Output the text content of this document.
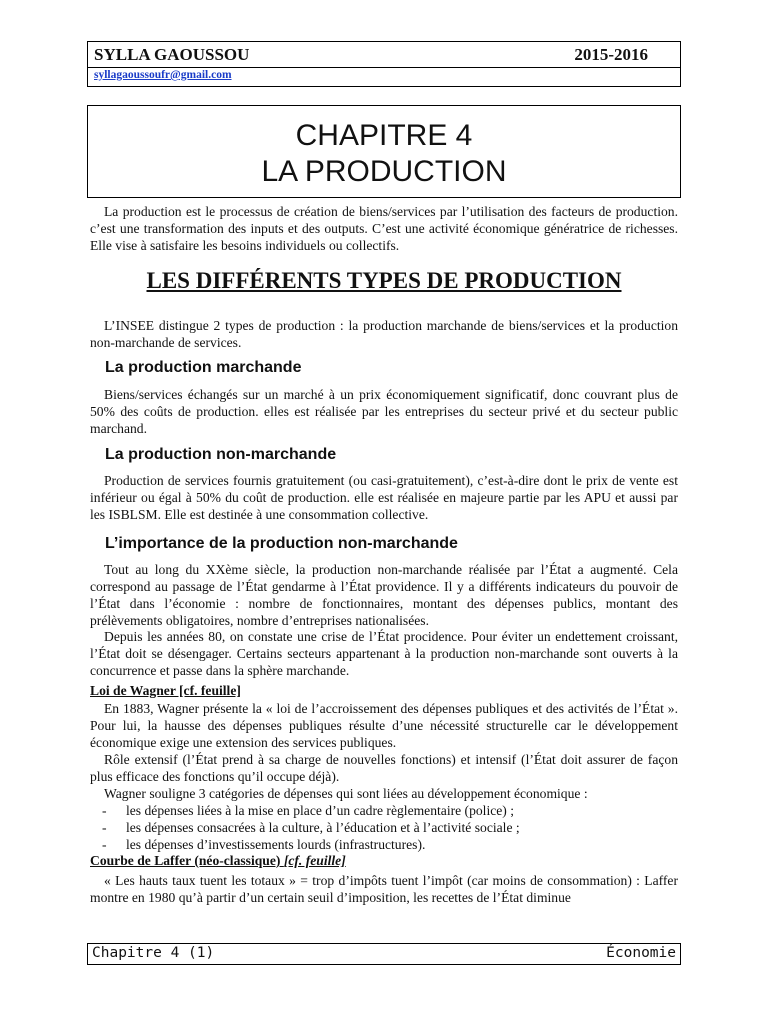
SYLLA GAOUSSOU	2015-2016
syllagaoussoufr@gmail.com
CHAPITRE 4
LA PRODUCTION
La production est le processus de création de biens/services par l’utilisation des facteurs de production. c’est une transformation des inputs et des outputs. C’est une activité économique génératrice de richesses. Elle vise à satisfaire les besoins individuels ou collectifs.
LES DIFFÉRENTS TYPES DE PRODUCTION
L’INSEE distingue 2 types de production : la production marchande de biens/services et la production non-marchande de services.
La production marchande
Biens/services échangés sur un marché à un prix économiquement significatif, donc couvrant plus de 50% des coûts de production. elles est réalisée par les entreprises du secteur privé et du secteur public marchand.
La production non-marchande
Production de services fournis gratuitement (ou casi-gratuitement), c’est-à-dire dont le prix de vente est inférieur ou égal à 50% du coût de production. elle est réalisée en majeure partie par les APU et aussi par les ISBLSM. Elle est destinée à une consommation collective.
L’importance de la production non-marchande
Tout au long du XXème siècle, la production non-marchande réalisée par l’État a augmenté. Cela correspond au passage de l’État gendarme à l’État providence. Il y a différents indicateurs du pouvoir de l’État dans l’économie : nombre de fonctionnaires, montant des dépenses publics, montant des prélèvements obligatoires, nombre d’entreprises nationalisées.
Depuis les années 80, on constate une crise de l’État procidence. Pour éviter un endettement croissant, l’État doit se désengager. Certains secteurs appartenant à la production non-marchande sont ouverts à la concurrence et passe dans la sphère marchande.
Loi de Wagner [cf. feuille]
En 1883, Wagner présente la « loi de l’accroissement des dépenses publiques et des activités de l’État ». Pour lui, la hausse des dépenses publiques résulte d’une nécessité structurelle car le développement économique exige une extension des services publiques.
Rôle extensif (l’État prend à sa charge de nouvelles fonctions) et intensif (l’État doit assurer de façon plus efficace des fonctions qu’il occupe déjà).
Wagner souligne 3 catégories de dépenses qui sont liées au développement économique :
- les dépenses liées à la mise en place d’un cadre règlementaire (police) ;
- les dépenses consacrées à la culture, à l’éducation et à l’activité sociale ;
- les dépenses d’investissements lourds (infrastructures).
Courbe de Laffer (néo-classique) [cf. feuille]
« Les hauts taux tuent les totaux » = trop d’impôts tuent l’impôt (car moins de consommation) : Laffer montre en 1980 qu’à partir d’un certain seuil d’imposition, les recettes de l’État diminue
Chapitre 4 (1)	Économie
